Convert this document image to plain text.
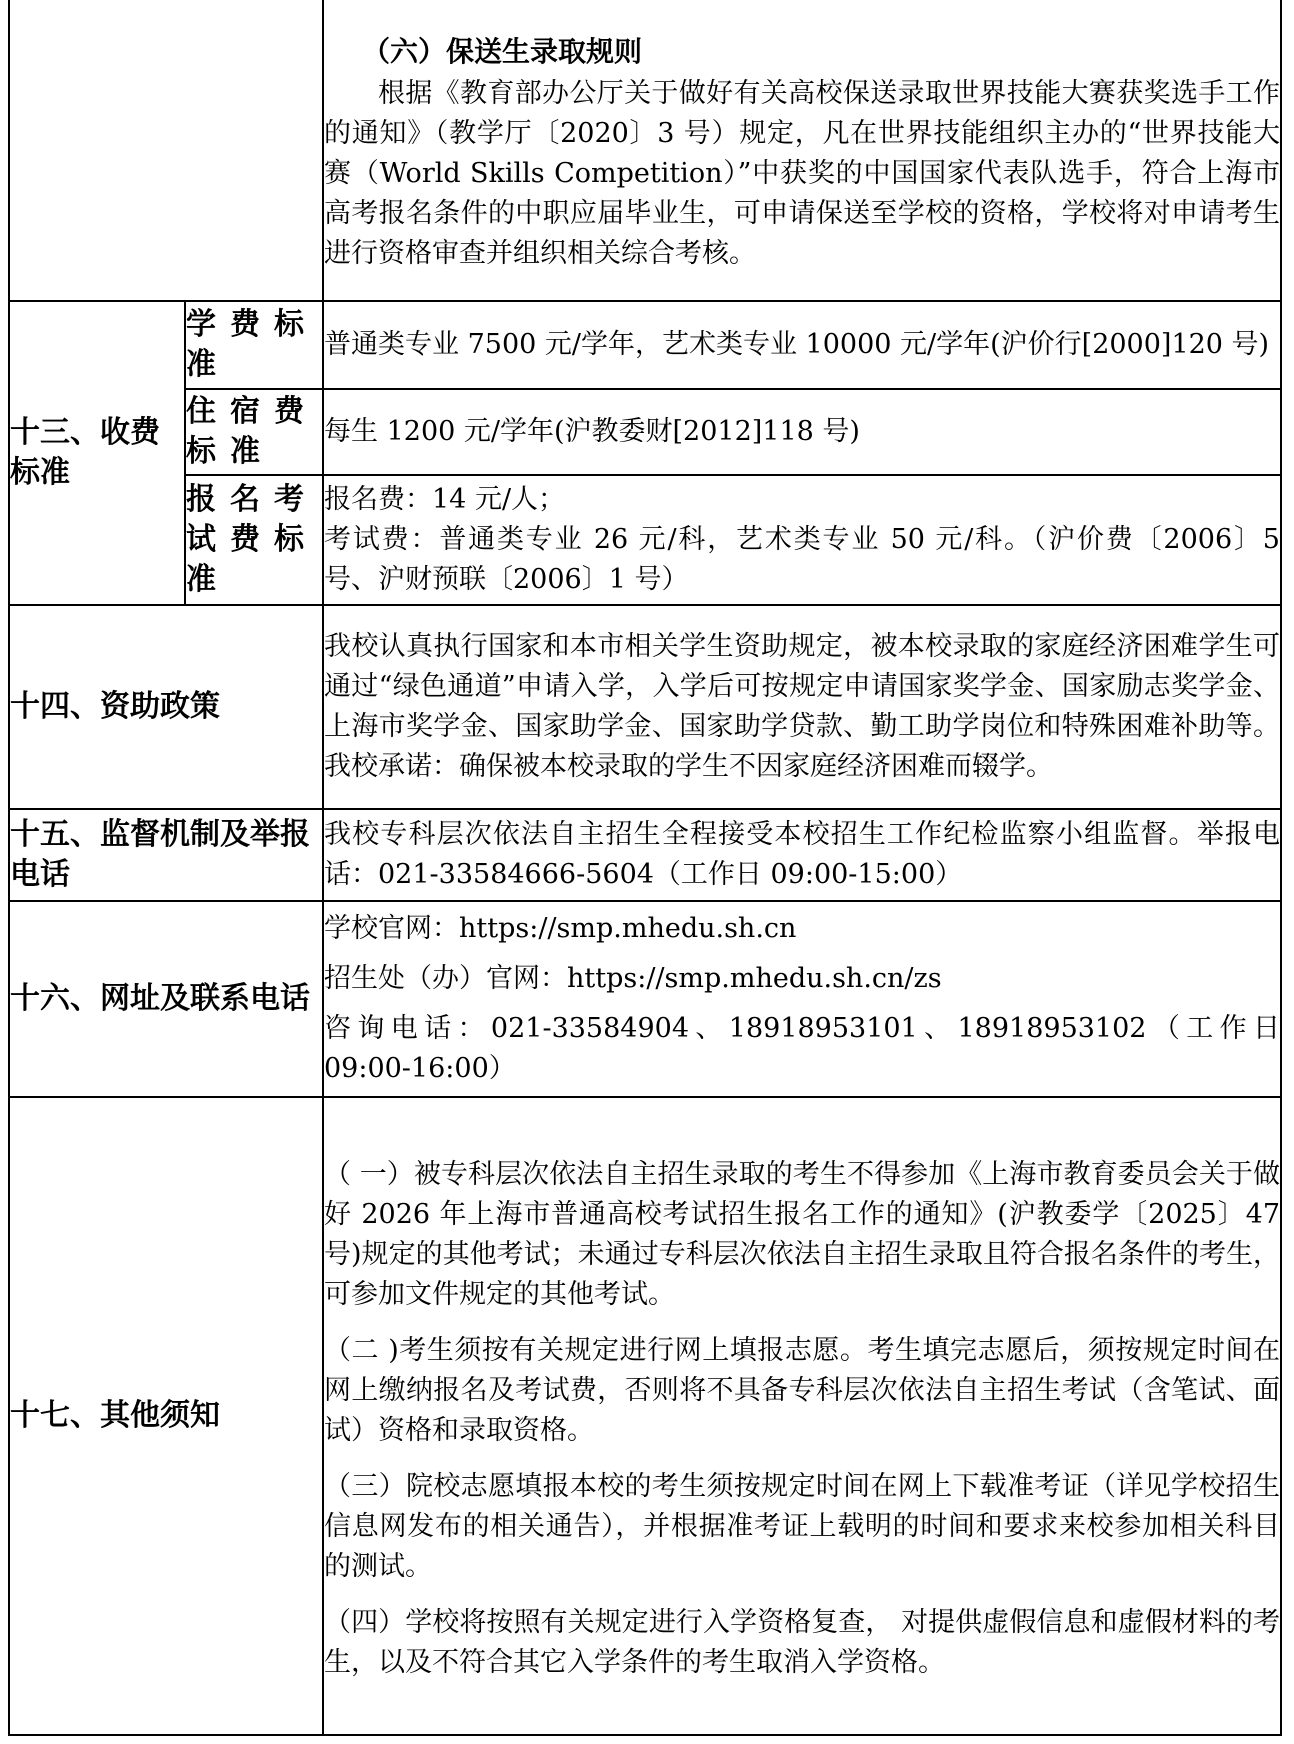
		（六）保送生录取规则

根据《教育部办公厅关于做好有关高校保送录取世界技能大赛获奖选手工作的通知》（教学厅〔2020〕3 号）规定，凡在世界技能组织主办的“世界技能大赛（World Skills Competition）”中获奖的中国国家代表队选手，符合上海市高考报名条件的中职应届毕业生，可申请保送至学校的资格，学校将对申请考生进行资格审查并组织相关综合考核。

十三、收费标准	学费标准	普通类专业 7500 元/学年，艺术类专业 10000 元/学年(沪价行[2000]120 号)
	住宿费标准	每生 1200 元/学年(沪教委财[2012]118 号)
	报名考试费标准	报名费：14 元/人；

考试费：普通类专业 26 元/科，艺术类专业 50 元/科。（沪价费〔2006〕5 号、沪财预联〔2006〕1 号）

十四、资助政策		我校认真执行国家和本市相关学生资助规定，被本校录取的家庭经济困难学生可通过“绿色通道”申请入学，入学后可按规定申请国家奖学金、国家励志奖学金、上海市奖学金、国家助学金、国家助学贷款、勤工助学岗位和特殊困难补助等。我校承诺：确保被本校录取的学生不因家庭经济困难而辍学。
十五、监督机制及举报电话		我校专科层次依法自主招生全程接受本校招生工作纪检监察小组监督。举报电话：021-33584666-5604（工作日 09:00-15:00）
十六、网址及联系电话		学校官网：https://smp.mhedu.sh.cn

招生处（办）官网：https://smp.mhedu.sh.cn/zs

咨询电话：021-33584904、18918953101、18918953102（工作日 09:00-16:00）

十七、其他须知		（ 一）被专科层次依法自主招生录取的考生不得参加《上海市教育委员会关于做好 2026 年上海市普通高校考试招生报名工作的通知》(沪教委学〔2025〕47 号)规定的其他考试；未通过专科层次依法自主招生录取且符合报名条件的考生，可参加文件规定的其他考试。

（二 )考生须按有关规定进行网上填报志愿。考生填完志愿后，须按规定时间在网上缴纳报名及考试费，否则将不具备专科层次依法自主招生考试（含笔试、面试）资格和录取资格。

（三）院校志愿填报本校的考生须按规定时间在网上下载准考证（详见学校招生信息网发布的相关通告），并根据准考证上载明的时间和要求来校参加相关科目的测试。

（四）学校将按照有关规定进行入学资格复查， 对提供虚假信息和虚假材料的考生，以及不符合其它入学条件的考生取消入学资格。
